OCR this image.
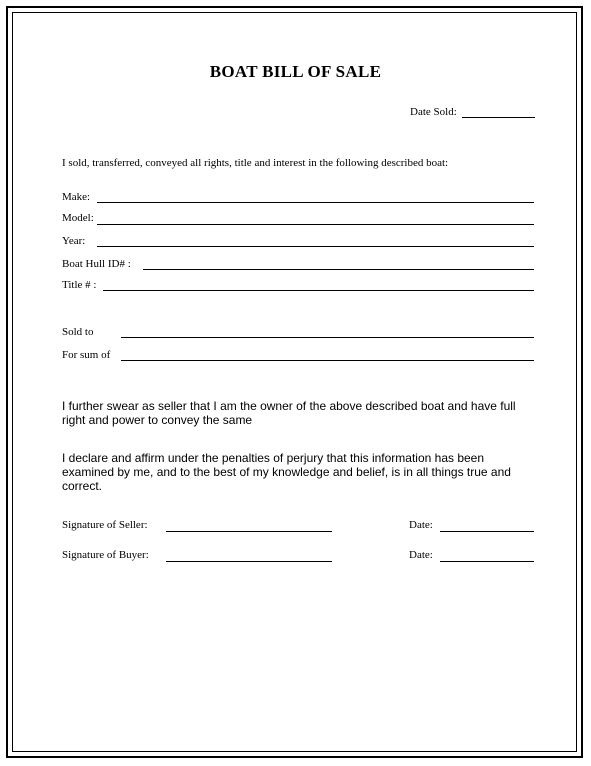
BOAT BILL OF SALE
Date Sold:
I sold, transferred, conveyed all rights, title and interest in the following described boat:
Make:
Model:
Year:
Boat Hull ID# :
Title # :
Sold to
For sum of
I further swear as seller that I am the owner of the above described boat and have full right and power to convey the same
I declare and affirm under the penalties of perjury that this information has been examined by me, and to the best of my knowledge and belief, is in all things true and correct.
Signature of Seller:	Date:
Signature of Buyer:	Date:
